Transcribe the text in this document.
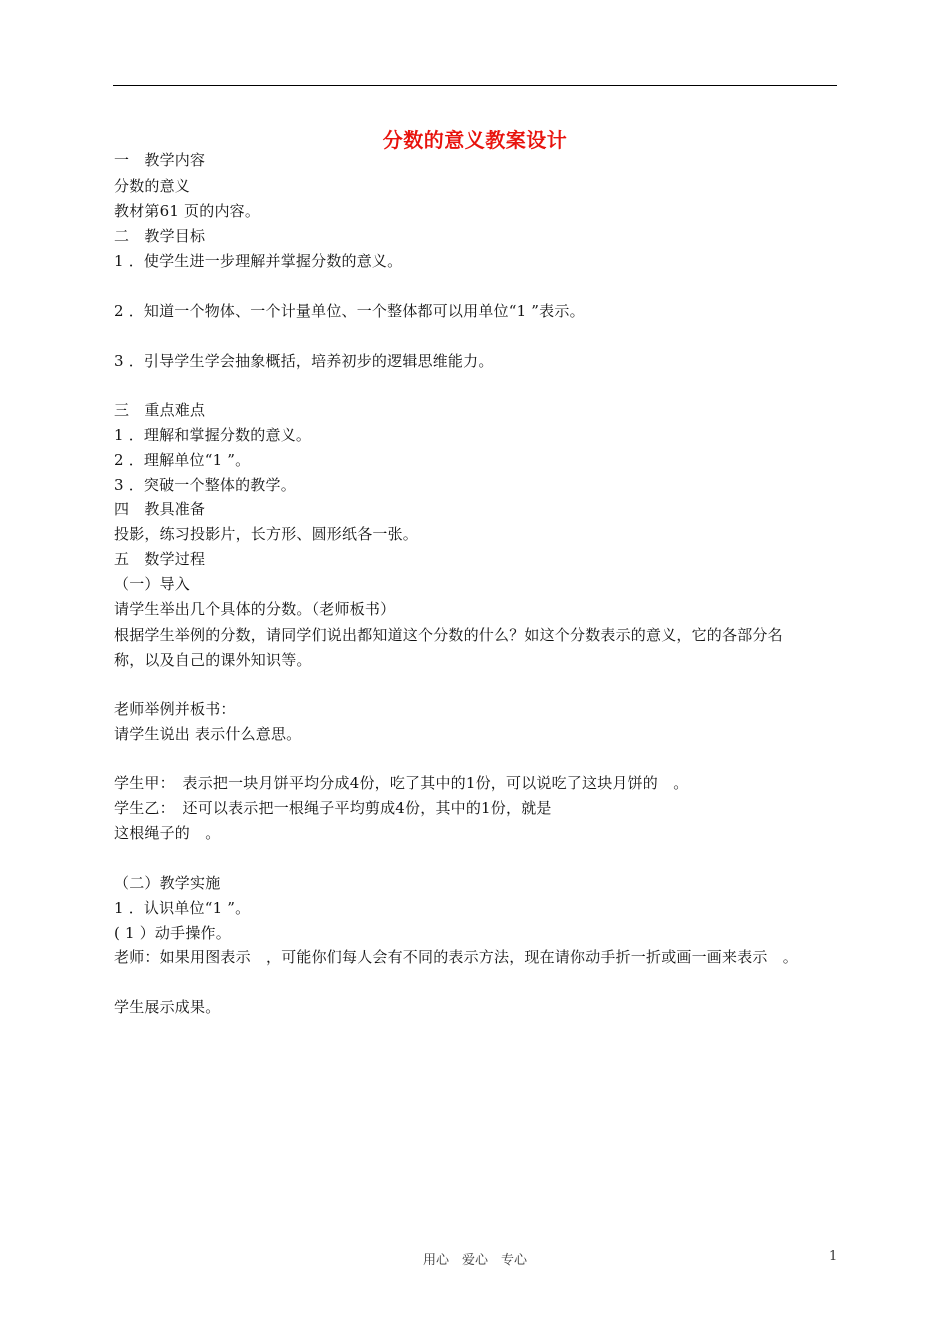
分数的意义教案设计
一　教学内容
分数的意义
教材第61 页的内容。
二　教学目标
1 ．使学生进一步理解并掌握分数的意义。
2 ．知道一个物体、一个计量单位、一个整体都可以用单位“1 ”表示。
3 ．引导学生学会抽象概括，培养初步的逻辑思维能力。
三　重点难点
1 ．理解和掌握分数的意义。
2 ．理解单位“1 ”。
3 ．突破一个整体的教学。
四　教具准备
投影，练习投影片，长方形、圆形纸各一张。
五　数学过程
（一）导入
请学生举出几个具体的分数。（老师板书）
根据学生举例的分数，请同学们说出都知道这个分数的什么？如这个分数表示的意义，它的各部分名
称，以及自己的课外知识等。
老师举例并板书：
请学生说出 表示什么意思。
学生甲：　表示把一块月饼平均分成4份，吃了其中的1份，可以说吃了这块月饼的　。
学生乙：　还可以表示把一根绳子平均剪成4份，其中的1份，就是
这根绳子的　。
（二）教学实施
1 ．认识单位“1 ”。
( 1 ）动手操作。
老师：如果用图表示　，可能你们每人会有不同的表示方法，现在请你动手折一折或画一画来表示　。
学生展示成果。
用心　爱心　专心	1
